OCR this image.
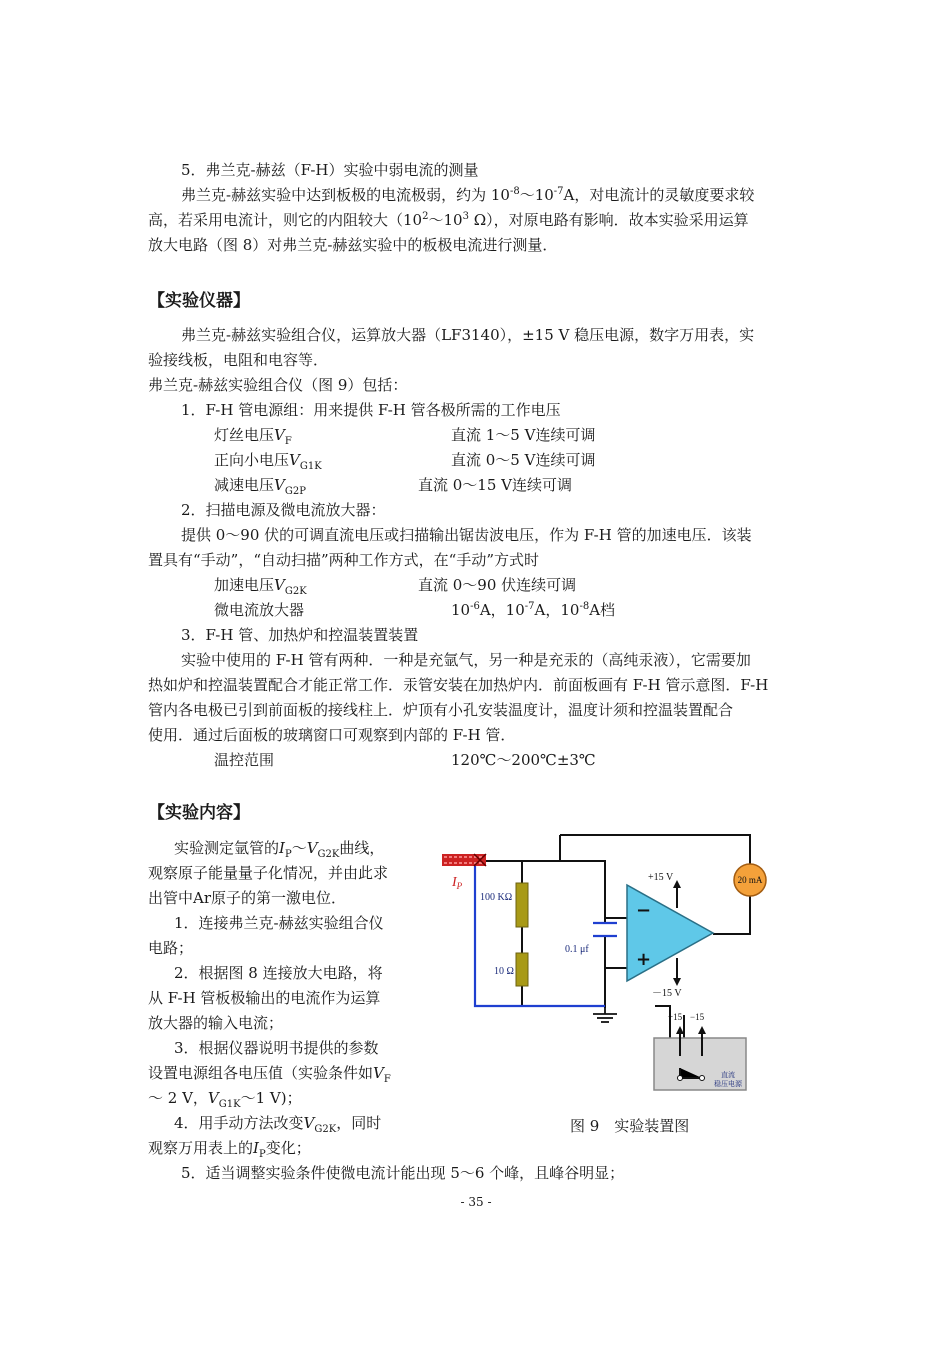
5．弗兰克-赫兹（F-H）实验中弱电流的测量
弗兰克-赫兹实验中达到板极的电流极弱，约为 $10^{-8}\sim 10^{-7}A$，对电流计的灵敏度要求较
高，若采用电流计，则它的内阻较大（$10^2\sim 10^3$ Ω），对原电路有影响．故本实验采用运算
放大电路（图 8）对弗兰克-赫兹实验中的板极电流进行测量．
【实验仪器】
弗兰克-赫兹实验组合仪，运算放大器（LF3140），±15 V 稳压电源，数字万用表，实
验接线板，电阻和电容等．
弗兰克-赫兹实验组合仪（图 9）包括：
1．F-H 管电源组：用来提供 F-H 管各极所需的工作电压
灯丝电压$V_F$	直流 1～5 V连续可调
正向小电压$V_{G1K}$	直流 0～5 V连续可调
减速电压$V_{G2P}$	直流 0～15 V连续可调
2．扫描电源及微电流放大器：
提供 0～90 伏的可调直流电压或扫描输出锯齿波电压，作为 F-H 管的加速电压．该装
置具有“手动”，“自动扫描”两种工作方式，在“手动”方式时
加速电压$V_{G2K}$	直流 0～90 伏连续可调
微电流放大器	$10^{-6}A$，$10^{-7}A$，$10^{-8}A$档
3．F-H 管、加热炉和控温装置装置
实验中使用的 F-H 管有两种．一种是充氩气，另一种是充汞的（高纯汞液），它需要加
热如炉和控温装置配合才能正常工作．汞管安装在加热炉内．前面板画有 F-H 管示意图．F-H
管内各电极已引到前面板的接线柱上．炉顶有小孔安装温度计，温度计须和控温装置配合
使用．通过后面板的玻璃窗口可观察到内部的 F-H 管．
温控范围	120℃～200℃±3℃
【实验内容】
实验测定氩管的$I_P\sim V_{G2K}$曲线，
观察原子能量量子化情况，并由此求
出管中Ar原子的第一激电位．
1．连接弗兰克-赫兹实验组合仪
电路；
2．根据图 8 连接放大电路，将
从 F-H 管板极输出的电流作为运算
放大器的输入电流；
3．根据仪器说明书提供的参数
设置电源组各电压值（实验条件如$V_F$
～ 2 V，$V_{G1K}\sim 1$ V)；
4．用手动方法改变$V_{G2K}$，同时
观察万用表上的$I_P$变化；
5．适当调整实验条件使微电流计能出现 5～6 个峰，且峰谷明显；
$I_P$
100 KΩ
10 Ω
0.1 μf
−
+
+15 V
－15 V
20 mA
+15 −15
直流
稳压电源
图 9　实验装置图
- 35 -
